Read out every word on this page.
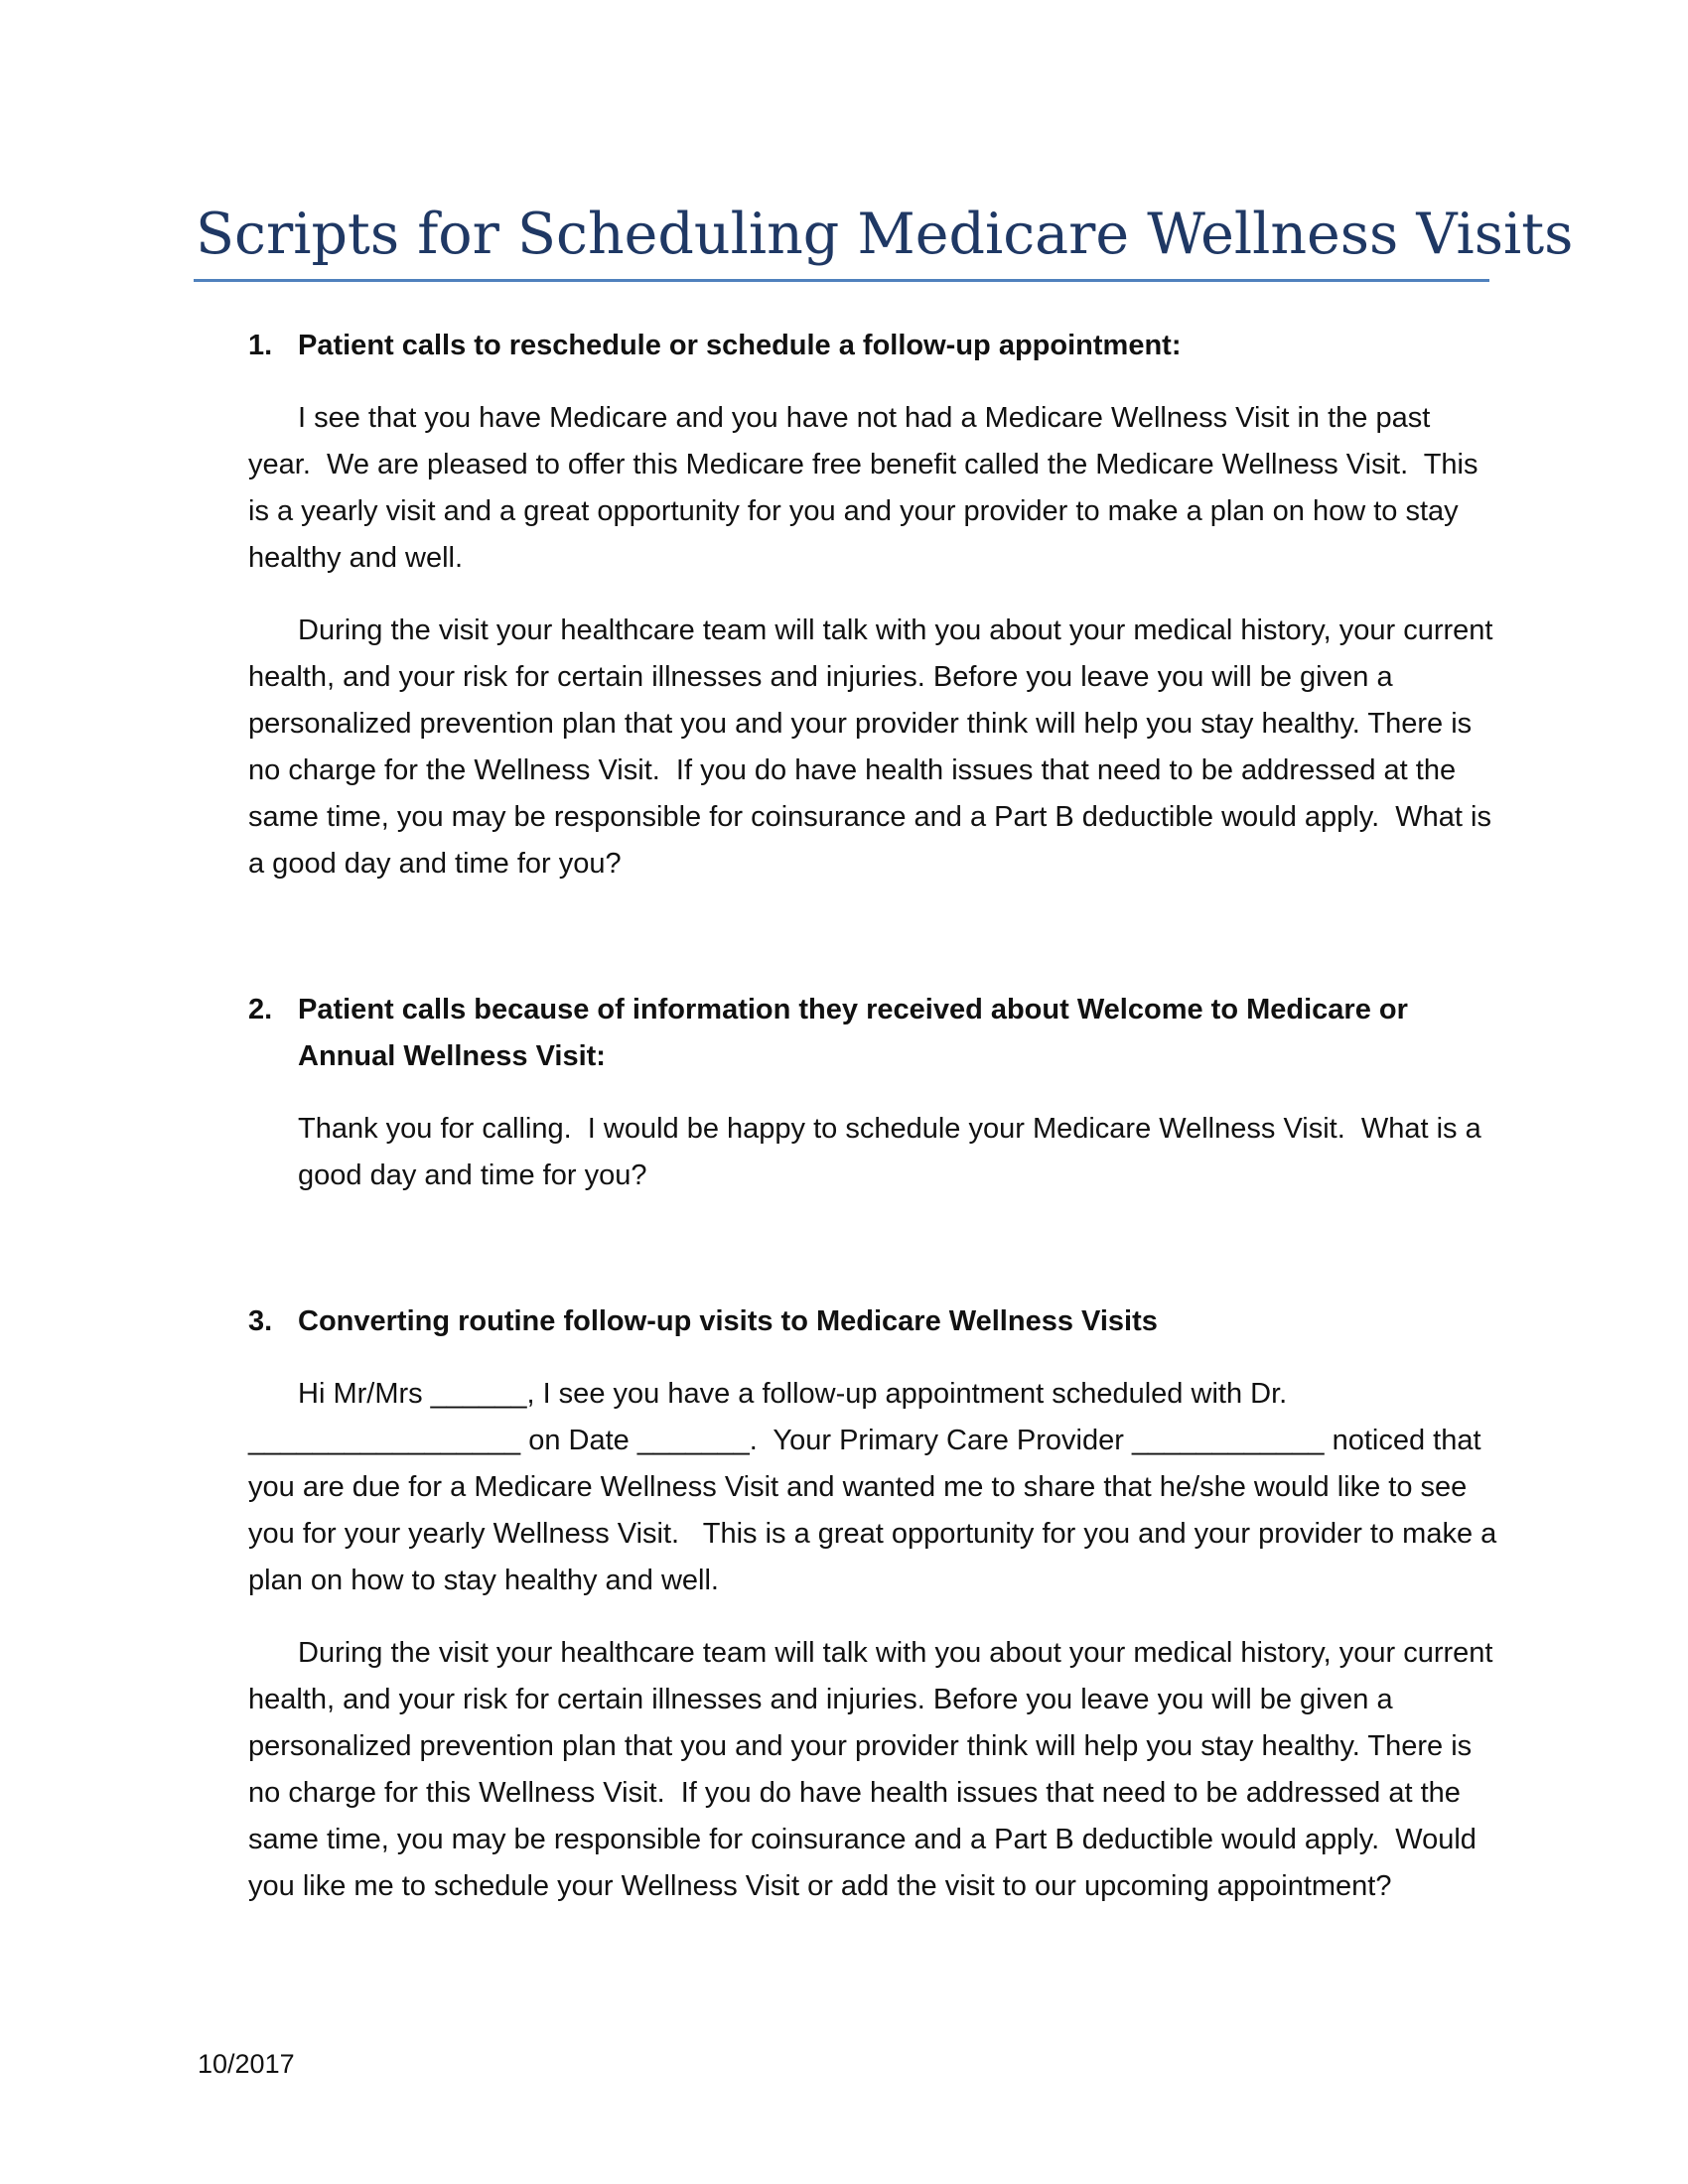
Scripts for Scheduling Medicare Wellness Visits
1. Patient calls to reschedule or schedule a follow-up appointment:

I see that you have Medicare and you have not had a Medicare Wellness Visit in the past year.  We are pleased to offer this Medicare free benefit called the Medicare Wellness Visit.  This is a yearly visit and a great opportunity for you and your provider to make a plan on how to stay healthy and well.

During the visit your healthcare team will talk with you about your medical history, your current health, and your risk for certain illnesses and injuries. Before you leave you will be given a personalized prevention plan that you and your provider think will help you stay healthy. There is no charge for the Wellness Visit.  If you do have health issues that need to be addressed at the same time, you may be responsible for coinsurance and a Part B deductible would apply.  What is a good day and time for you?

2. Patient calls because of information they received about Welcome to Medicare or Annual Wellness Visit:

Thank you for calling.  I would be happy to schedule your Medicare Wellness Visit.  What is a good day and time for you?

3. Converting routine follow-up visits to Medicare Wellness Visits

Hi Mr/Mrs ______, I see you have a follow-up appointment scheduled with Dr. _________________ on Date _______.  Your Primary Care Provider ____________ noticed that you are due for a Medicare Wellness Visit and wanted me to share that he/she would like to see you for your yearly Wellness Visit.   This is a great opportunity for you and your provider to make a plan on how to stay healthy and well.

During the visit your healthcare team will talk with you about your medical history, your current health, and your risk for certain illnesses and injuries. Before you leave you will be given a personalized prevention plan that you and your provider think will help you stay healthy. There is no charge for this Wellness Visit.  If you do have health issues that need to be addressed at the same time, you may be responsible for coinsurance and a Part B deductible would apply.  Would you like me to schedule your Wellness Visit or add the visit to our upcoming appointment?

10/2017
